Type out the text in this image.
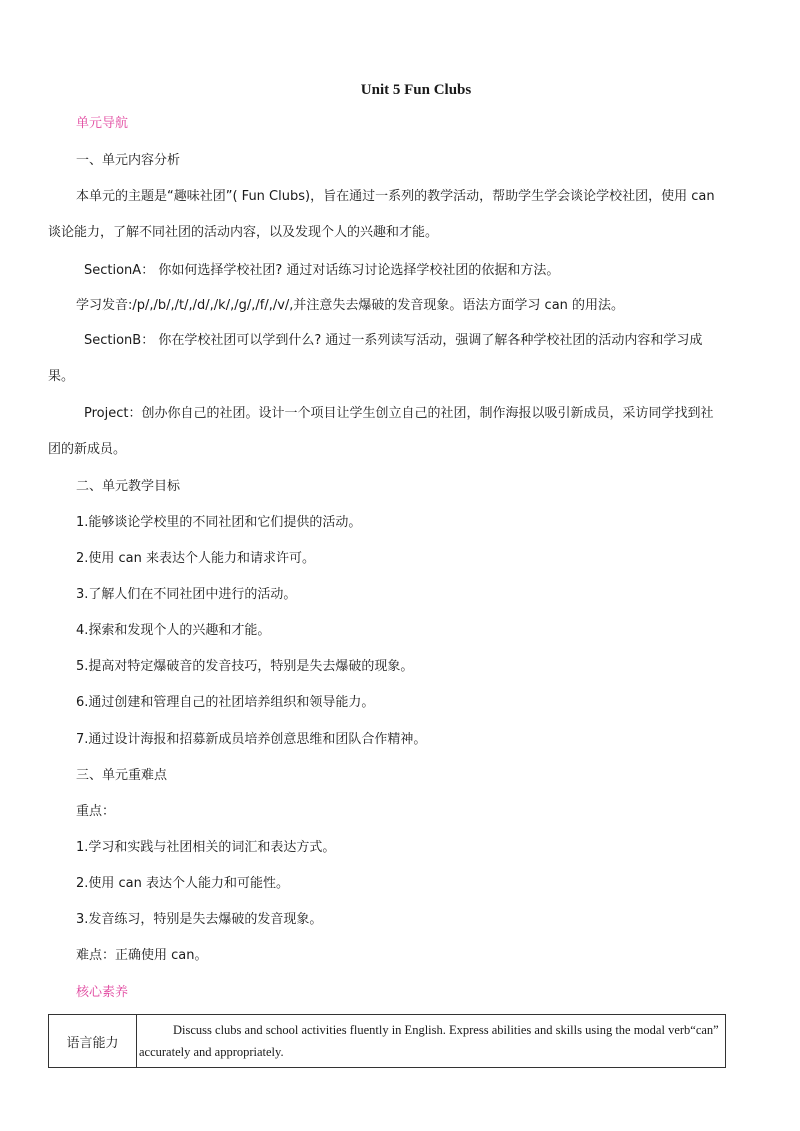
Unit 5 Fun Clubs
单元导航
一、单元内容分析
本单元的主题是“趣味社团”( Fun Clubs)，旨在通过一系列的教学活动，帮助学生学会谈论学校社团，使用 can
谈论能力，了解不同社团的活动内容，以及发现个人的兴趣和才能。
SectionA： 你如何选择学校社团? 通过对话练习讨论选择学校社团的依据和方法。
学习发音:/p/,/b/,/t/,/d/,/k/,/g/,/f/,/v/,并注意失去爆破的发音现象。语法方面学习 can 的用法。
SectionB： 你在学校社团可以学到什么? 通过一系列读写活动，强调了解各种学校社团的活动内容和学习成
果。
Project：创办你自己的社团。设计一个项目让学生创立自己的社团，制作海报以吸引新成员，采访同学找到社
团的新成员。
二、单元教学目标
1.能够谈论学校里的不同社团和它们提供的活动。
2.使用 can 来表达个人能力和请求许可。
3.了解人们在不同社团中进行的活动。
4.探索和发现个人的兴趣和才能。
5.提高对特定爆破音的发音技巧，特别是失去爆破的现象。
6.通过创建和管理自己的社团培养组织和领导能力。
7.通过设计海报和招募新成员培养创意思维和团队合作精神。
三、单元重难点
重点：
1.学习和实践与社团相关的词汇和表达方式。
2.使用 can 表达个人能力和可能性。
3.发音练习，特别是失去爆破的发音现象。
难点：正确使用 can。
核心素养
语言能力	Discuss clubs and school activities fluently in English. Express abilities and skills using the modal verb“can” accurately and appropriately.
